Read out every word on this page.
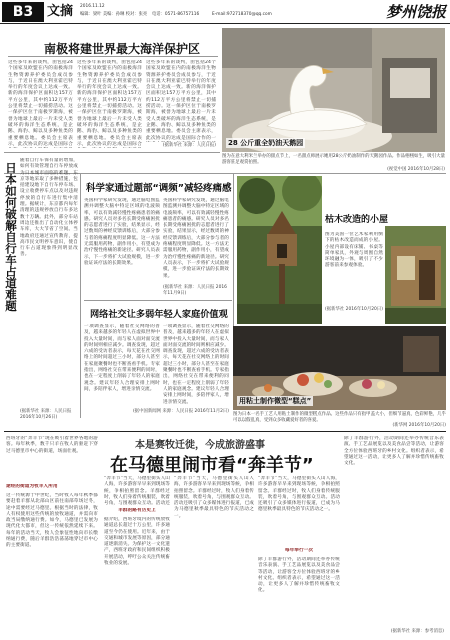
B3	文摘 2016.11.12
编辑：梁叶 美编：孙琳 校对：张亮 电话：0571-86757116	E-mail:972718370@qq.com	梦州饶报
南极将建世界最大海洋保护区
这些多年来的谈判，由包括24个国家及欧盟在内的南极海洋生物资源养护委员会成员参与，于近日在澳大利亚霍巴特举行的年度会议上达成一致。新的海洋保护区面积达157万平方公里，其中约112万平方公里将禁止一切捕捞活动。这一保护区位于南极罗斯海，被誉为地球上最后一片未受人类破坏的海洋生态系统，是企鹅、海豹、鲸以及多种鱼类的重要栖息地。委员会主席表示，此次协议的达成是国际合
这些多年来的谈判，由包括24个国家及欧盟在内的南极海洋生物资源养护委员会成员参与，于近日在澳大利亚霍巴特举行的年度会议上达成一致。新的海洋保护区面积达157万平方公里，其中约112万平方公里将禁止一切捕捞活动。这一保护区位于南极罗斯海，被誉为地球上最后一片未受人类破坏的海洋生态系统，是企鹅、海豹、鲸以及多种鱼类的重要栖息地。委员会主席表示，此次协议的达成是国际合
这些多年来的谈判，由包括24个国家及欧盟在内的南极海洋生物资源养护委员会成员参与，于近日在澳大利亚霍巴特举行的年度会议上达成一致。新的海洋保护区面积达157万平方公里，其中约112万平方公里将禁止一切捕捞活动。这一保护区位于南极罗斯海，被誉为地球上最后一片未受人类破坏的海洋生态系统，是企鹅、海豹、鲸以及多种鱼类的重要栖息地。委员会主席表示，此次协议的达成是国际合作的一
(据新华社 来源：人民日报) 28 公斤重全奶油天鹅园
图为在意大利米兰举办的甜点节上，一名甜点师展示她用28公斤奶油制作的天鹅园作品。作品栩栩如生，吸引大量游客驻足观赏拍照。
(视觉中国 2016年10月28日)
日本如何破解自行车占道难题
随着自行车保有量的增加，如何有效管理自行车停放成为日本城市面临的难题。东京等地采取了多种措施，包括建设地下自行车停车场、设立收费停车点以及对违规停放的自行车进行集中清理。据统计，东京都内每年清理的违规停放自行车多达数十万辆。此外，部分车站周边还推出了自动化立体停车库，大大节省了空间。当地政府还通过宣传教育，提高市民文明停车意识，使自行车占道现象得到明显改善。
(据新华社 来源：人民日报 2016年10月26日)
科学家通过题部“调频”减轻疼痛感
英国科学家研究发现，通过脑电图监测并调整大脑中特定区域的电波频率，可以有效减轻慢性疼痛患者的痛感。研究人员对多名长期受疼痛困扰的志愿者进行了实验，结果显示，经过数周的神经反馈训练后，大部分参与者的疼痛程度明显降低。这一方法无需服用药物，副作用小，有望成为治疗慢性疼痛的新途径。研究人员表示，下一步将扩大试验规模，进一步验证该疗法的长期效果。
英国科学家研究发现，通过脑电图监测并调整大脑中特定区域的电波频率，可以有效减轻慢性疼痛患者的痛感。研究人员对多名长期受疼痛困扰的志愿者进行了实验，结果显示，经过数周的神经反馈训练后，大部分参与者的疼痛程度明显降低。这一方法无需服用药物，副作用小，有望成为治疗慢性疼痛的新途径。研究人员表示，下一步将扩大试验规模，进一步验证该疗法的长期效果。
(据新华社 来源：人民日报 2016年11月9日)
枯木改造的小屋
图为美国一位艺术家利用倒下的枯木改造而成的小屋。小屋内部设有床铺、书桌等简单家具，外观与周围自然环境融为一体，吸引了不少游客前来参观体验。
(据新华社 2016年10月20日)
网络社交让多弱年轻人家庭价值观
一项调查显示，随着社交网络的普及，越来越多的年轻人在虚拟世界中投入大量时间，而与家人面对面交流的时间则相应减少。调查发现，超过六成的受访者表示，每天花在社交网络上的时间超过三小时，部分人甚至在家庭聚餐时也不断查看手机。专家指出，网络社交在带来便利的同时，也在一定程度上削弱了年轻人的家庭观念。建议年轻人合理安排上网时间，多陪伴家人，增进亲情交流。
一项调查显示，随着社交网络的普及，越来越多的年轻人在虚拟世界中投入大量时间，而与家人面对面交流的时间则相应减少。调查发现，超过六成的受访者表示，每天花在社交网络上的时间超过三小时，部分人甚至在家庭聚餐时也不断查看手机。专家指出，网络社交在带来便利的同时，也在一定程度上削弱了年轻人的家庭观念。建议年轻人合理安排上网时间，多陪伴家人，增进亲情交流。
(据中国新闻网 来源：人民日报 2016年11月2日)
用粘土制作微型“糕点”
图为日本一名手工艺人用粘土制作的微型糕点作品。这些作品只有指甲盖大小，但细节逼真，色彩鲜艳，几乎可以以假乱真，受到众多收藏爱好者的喜爱。
(新华网 2016年10月20日)
西班牙的“奔羊节”现在吸引着世界各地的游客。每年秋季，数千只羊在牧人的驱赶下穿过马德里市中心的街道，场面壮观。
本是赛牧迁徙，今成旅游盛事
在马德里闹市看“奔羊节”
途经的街道为牧羊人所用
这一传统源于中世纪，当时牧人每年秋季都要赶着羊群从北部山区前往南部草场过冬，途中需要经过马德里。根据当时的法律，牧人有权使用这些传统的放牧通道，并需向市政当局缴纳通行费。如今，马德里已发展为现代化大都市，但这一传统依然延续下来。每年的活动当天，牧人会象征性地向市长缴纳通行费，随后羊群浩浩荡荡地穿过市中心的主要街道。
“奔羊节”当天，马德里街头人山人海，许多游客早早来到现场等候，争相拍照留念。羊群经过时，牧人们身着传统服装，吹着号角，与围观群众互动。活动还
羊群的路有历史上
据介绍，西班牙境内的传统放牧通道总长超过十万公里，许多通道至今仍在使用。近年来，由于交通和城市发展等原因，部分通道逐渐消失。为保护这一文化遗产，西班牙政府和民间组织积极开展活动，呼吁公众关注传统畜牧业的发展。
“奔羊节”当天，马德里街头人山人海，许多游客早早来到现场等候，争相拍照留念。羊群经过时，牧人们身着传统服装，吹着号角，与围观群众互动。活动还吸引了众多媒体进行报道，已成为马德里秋季最具特色的节庆活动之一。
“奔羊节”当天，马德里街头人山人海，许多游客早早来到现场等候，争相拍照留念。羊群经过时，牧人们身着传统服装，吹着号角，与围观群众互动。活动还吸引了众多媒体进行报道，已成为马德里秋季最具特色的节庆活动之一。
每年举行一次
除了羊群游行外，活动期间还举办传统音乐表演、手工艺品展览以及美食品尝等活动，让游客全方位体验西班牙的乡村文化。组织者表示，希望通过这一活动，让更多人了解并珍惜传统畜牧文化。
除了羊群游行外，活动期间还举办传统音乐表演、手工艺品展览以及美食品尝等活动，让游客全方位体验西班牙的乡村文化。组织者表示，希望通过这一活动，让更多人了解并珍惜传统畜牧文化。
(据新华社 来源：参考消息)
